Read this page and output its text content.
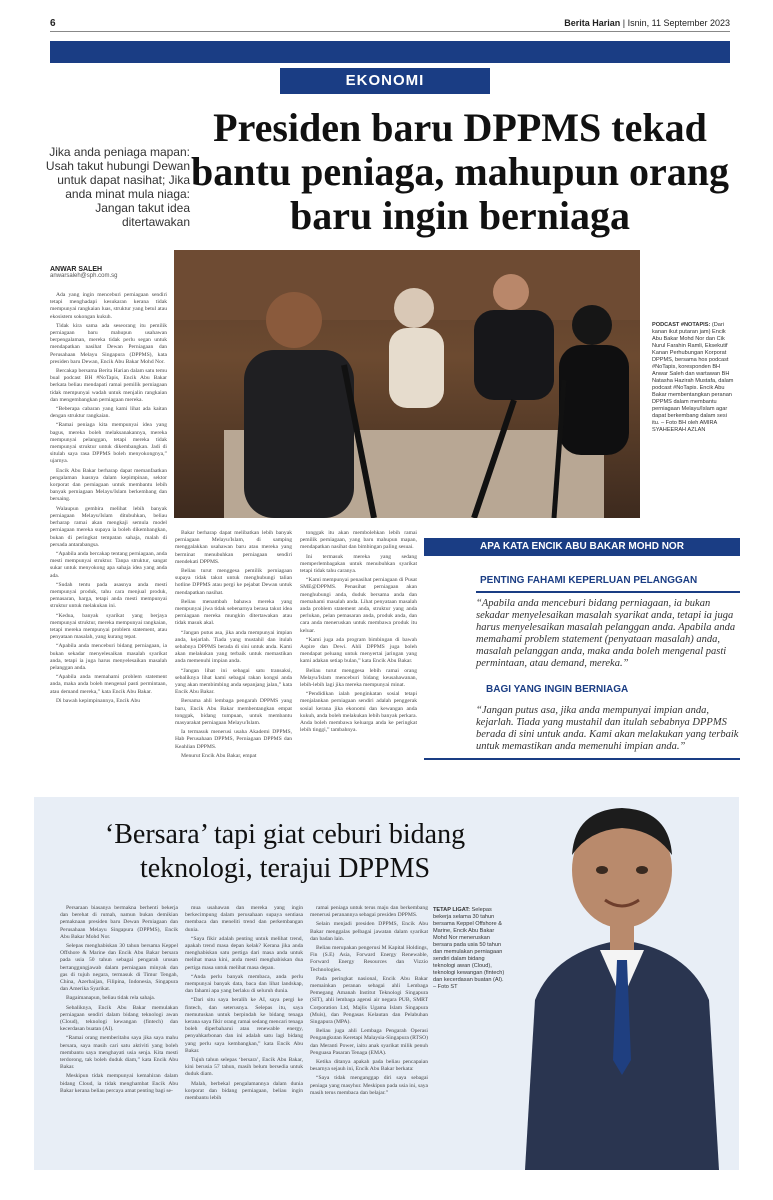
6	Berita Harian | Isnin, 11 September 2023
EKONOMI
Presiden baru DPPMS tekad bantu peniaga, mahupun orang baru ingin berniaga
Jika anda peniaga mapan: Usah takut hubungi Dewan untuk dapat nasihat; Jika anda minat mula niaga: Jangan takut idea ditertawakan
PODCAST #NOTAPIS: (Dari kanan ikut putaran jam) Encik Abu Bakar Mohd Nor dan Cik Nurul Farahin Ramli, Eksekutif Kanan Perhubungan Korporat DPPMS, bersama hos podcast #NoTapis, koresponden BH Anwar Saleh dan wartawan BH Natasha Hazirah Mustafa, dalam podcast #NoTapis. Encik Abu Bakar membentangkan peranan DPPMS dalam membantu perniagaan Melayu/Islam agar dapat berkembang dalam sesi itu. – Foto BH oleh AMIRA SYAHEERAH AZLAN
ANWAR SALEH
anwarsaleh@sph.com.sg

Ada yang ingin menceburi perniagaan sendiri tetapi menghadapi kesukaran kerana tidak mempunyai rangkaian luas, struktur yang betul atau ekosistem sokongan kukuh.

Tidak kira sama ada seseorang itu pemilik perniagaan baru mahupun usahawan berpengalaman, mereka tidak perlu segan untuk mendapatkan nasihat Dewan Perniagaan dan Perusahaan Melayu Singapura (DPPMS), kata presiden baru Dewan, Encik Abu Bakar Mohd Nor.

Bercakap bersama Berita Harian dalam satu temu bual podcast BH #NoTapis, Encik Abu Bakar berkata beliau mendapati ramai pemilik perniagaan tidak mempunyai wadah untuk menjalin rangkaian dan mengembangkan perniagaan mereka.

“Beberapa cabaran yang kami lihat ada kaitan dengan struktur rangkaian.

“Ramai peniaga kita mempunyai idea yang bagus, mereka boleh melaksanakannya, mereka mempunyai pelanggan, tetapi mereka tidak mempunyai struktur untuk dikembangkan. Jadi di situlah saya rasa DPPMS boleh menyokongnya,” ujarnya.

Encik Abu Bakar berharap dapat memanfaatkan pengalaman luasnya dalam kepimpinan, sektor korporat dan perniagaan untuk membantu lebih banyak perniagaan Melayu/Islam berkembang dan bersaing.

Walaupun gembira melihat lebih banyak perniagaan Melayu/Islam ditubuhkan, beliau berharap ramai akan mengkaji semula model perniagaan mereka supaya ia boleh dikembangkan, bukan di peringkat tempatan sahaja, malah di persada antarabangsa.

“Apabila anda bercakap tentang perniagaan, anda mesti mempunyai struktur. Tanpa struktur, sangat sukar untuk menyokong apa sahaja idea yang anda ada.

“Sudah tentu pada asasnya anda mesti mempunyai produk, tahu cara menjual produk, pemasaran, harga, tetapi anda mesti mempunyai struktur untuk melakukan ini.

“Kedua, banyak syarikat yang berjaya mempunyai struktur, mereka mempunyai rangkaian, tetapi mereka mempunyai problem statement, atau penyataan masalah, yang kurang tepat.

“Apabila anda menceburi bidang perniagaan, ia bukan sekadar menyelesaikan masalah syarikat anda, tetapi ia juga harus menyelesaikan masalah pelanggan anda.

“Apabila anda memahami problem statement anda, maka anda boleh mengenal pasti permintaan, atau demand mereka,” kata Encik Abu Bakar.

Di bawah kepimpinannya, Encik Abu

Bakar berharap dapat melibatkan lebih banyak perniagaan Melayu/Islam, di samping menggalakkan usahawan baru atau mereka yang berminat menubuhkan perniagaan sendiri mendekati DPPMS.

Beliau turut menggesa pemilik perniagaan supaya tidak takut untuk menghubungi talian hotline DPPMS atau pergi ke pejabat Dewan untuk mendapatkan nasihat.

Beliau menambah bahawa mereka yang mempunyai jiwa tidak sebenarnya berasa takut idea perniagaan mereka mungkin ditertawakan atau tidak masuk akal.

“Jangan putus asa, jika anda mempunyai impian anda, kejarlah. Tiada yang mustahil dan itulah sebabnya DPPMS berada di sini untuk anda. Kami akan melakukan yang terbaik untuk memastikan anda memenuhi impian anda.

“Jangan lihat ini sebagai satu transaksi, sebaliknya lihat kami sebagai rakan kongsi anda yang akan membimbing anda sepanjang jalan,” kata Encik Abu Bakar.

Bersama ahli lembaga pengarah DPPMS yang baru, Encik Abu Bakar membentangkan empat tonggak, bidang tumpuan, untuk membantu masyarakat perniagaan Melayu/Islam.

Ia termasuk menerusi usaha Akademi DPPMS, Hab Perusahaan DPPMS, Perniagaan DPPMS dan Keahlian DPPMS.

Menurut Encik Abu Bakar, empat

tonggak itu akan membolehkan lebih ramai pemilik perniagaan, yang baru mahupun mapan, mendapatkan nasihat dan bimbingan paling sesuai.

Ini termasuk mereka yang sedang memperlembagakan untuk menubuhkan syarikat tetapi tidak tahu caranya.

“Kami mempunyai penasihat perniagaan di Pusat SME@DPPMS. Penasihat perniagaan akan menghubungi anda, duduk bersama anda dan memahami masalah anda. Lihat penyataan masalah anda problem statement anda, struktur yang anda perlukan, pelan pemasaran anda, produk anda, dan cara anda meneruskan untuk membawa produk itu keluar.

“Kami juga ada program bimbingan di bawah Aspire dan Dewi. Ahli DPPMS juga boleh mendapat peluang untuk menyertai jaringan yang kami adakan setiap bulan,” kata Encik Abu Bakar.

Beliau turut menggesa lebih ramai orang Melayu/Islam menceburi bidang keusahawanan, lebih-lebih lagi jika mereka mempunyai minat.

“Pendidikan ialah penginkatan sosial tetapi menjalankan perniagaan sendiri adalah penggerak sosial kerana jika ekonomi dan kewangan anda kukuh, anda boleh melakukan lebih banyak perkara. Anda boleh membawa keluarga anda ke peringkat lebih tinggi,” tambahnya.

APA KATA ENCIK ABU BAKAR MOHD NOR
PENTING FAHAMI KEPERLUAN PELANGGAN
“Apabila anda menceburi bidang perniagaan, ia bukan sekadar menyelesaikan masalah syarikat anda, tetapi ia juga harus menyelesaikan masalah pelanggan anda. Apabila anda memahami problem statement (penyataan masalah) anda, masalah pelanggan anda, maka anda boleh mengenal pasti permintaan, atau demand, mereka.”
BAGI YANG INGIN BERNIAGA
“Jangan putus asa, jika anda mempunyai impian anda, kejarlah. Tiada yang mustahil dan itulah sebabnya DPPMS berada di sini untuk anda. Kami akan melakukan yang terbaik untuk memastikan anda memenuhi impian anda.”
‘Bersara’ tapi giat ceburi bidang teknologi, terajui DPPMS

Persaraan biasanya bermakna berhenti bekerja dan berehat di rumah, namun bukan demikian pemaknaan presiden baru Dewan Perniagaan dan Perusahaan Melayu Singapura (DPPMS), Encik Abu Bakar Mohd Nor.

Selepas menghabiskan 30 tahun bersama Keppel Offshore & Marine dan Encik Abu Bakar bersara pada usia 50 tahun sebagai pengarah urusan bertanggungjawab dalam perniagaan minyak dan gas di tujuh negara, termasuk di Timur Tengah, China, Azerbaijan, Filipina, Indonesia, Singapura dan Amerika Syarikat.

Bagaimanapun, beliau tidak rela sahaja.

Sebaliknya, Encik Abu Bakar memulakan perniagaan sendiri dalam bidang teknologi awan (Cloud), teknologi kewangan (fintech) dan kecerdasan buatan (AI).

“Ramai orang memberitahu saya jika saya mahu bersara, saya masih cari satu aktiviti yang boleh membantu saya menghayati usia senja. Kita mesti terdorong, tak boleh duduk diam,” kata Encik Abu Bakar.

Meskipun tidak mempunyai kemahiran dalam bidang Cloud, ia tidak menghambat Encik Abu Bakar kerana beliau percaya amat penting bagi se-

mua usahawan dan mereka yang ingin berkecimpung dalam perusahaan supaya sentiasa membaca dan meneliti trend dan perkembangan dunia.

“Saya fikir adalah penting untuk melihat trend, apakah trend masa depan kelak? Kerana jika anda menghabiskan satu pertiga dari masa anda untuk melihat masa kini, anda mesti menghabiskan dua pertiga masa untuk melihat masa depan.

“Anda perlu banyak membaca, anda perlu mempunyai banyak data, baca dan lihat landskap, dan fahami apa yang berlaku di seluruh dunia.

“Dari situ saya beralih ke AI, saya pergi ke fintech, dan seterusnya. Selepas itu, saya memutuskan untuk berpindah ke bidang tenaga kerana saya fikir orang ramai sedang mencari tenaga boleh diperbaharui atau renewable energy, penyahkarbonan dan ini adalah satu lagi bidang yang perlu saya kembangkan,” kata Encik Abu Bakar.

Tujuh tahun selepas ‘bersara’, Encik Abu Bakar, kini berusia 57 tahun, masih belum bersedia untuk duduk diam.

Malah, berbekal pengalamannya dalam dunia korporat dan bidang perniagaan, beliau ingin membantu lebih

ramai peniaga untuk terus maju dan berkembang menerusi peranannya sebagai presiden DPPMS.

Selain menjadi presiden DPPMS, Encik Abu Bakar menggalas pelbagai jawatan dalam syarikat dan badan lain.

Beliau merupakan pengerusi M Kapital Holdings, Fin (S.E) Asia, Forward Energy Renewable, Forward Energy Resources dan Vizzio Technologies.

Pada peringkat nasional, Encik Abu Bakar memainkan peranan sebagai ahli Lembaga Pemegang Amanah Institut Teknologi Singapura (SIT), ahli lembaga agensi air negara PUB, SMRT Corporation Ltd, Majlis Ugama Islam Singapura (Muis), dan Pengasas Kelautan dan Pelabuhan Singapura (MPA).

Beliau juga ahli Lembaga Pengarah Operasi Pengangkutan Keretapi Malaysia-Singapura (RTSO) dan Meranti Power, iaitu anak syarikat milik penuh Penguasa Pasaran Tenaga (EMA).

Ketika ditanya apakah pada beliau pencapaian besarnya sejauh ini, Encik Abu Bakar berkata:

“Saya tidak menganggap diri saya sebagai peniaga yang masyhur. Meskipun pada usia ini, saya masih terus membaca dan belajar.”

TETAP LIGAT: Selepas bekerja selama 30 tahun bersama Keppel Offshore & Marine, Encik Abu Bakar Mohd Nor meneruskan bersara pada usia 50 tahun dan memulakan perniagaan sendiri dalam bidang teknologi awan (Cloud), teknologi kewangan (fintech) dan kecerdasan buatan (AI). – Foto ST
